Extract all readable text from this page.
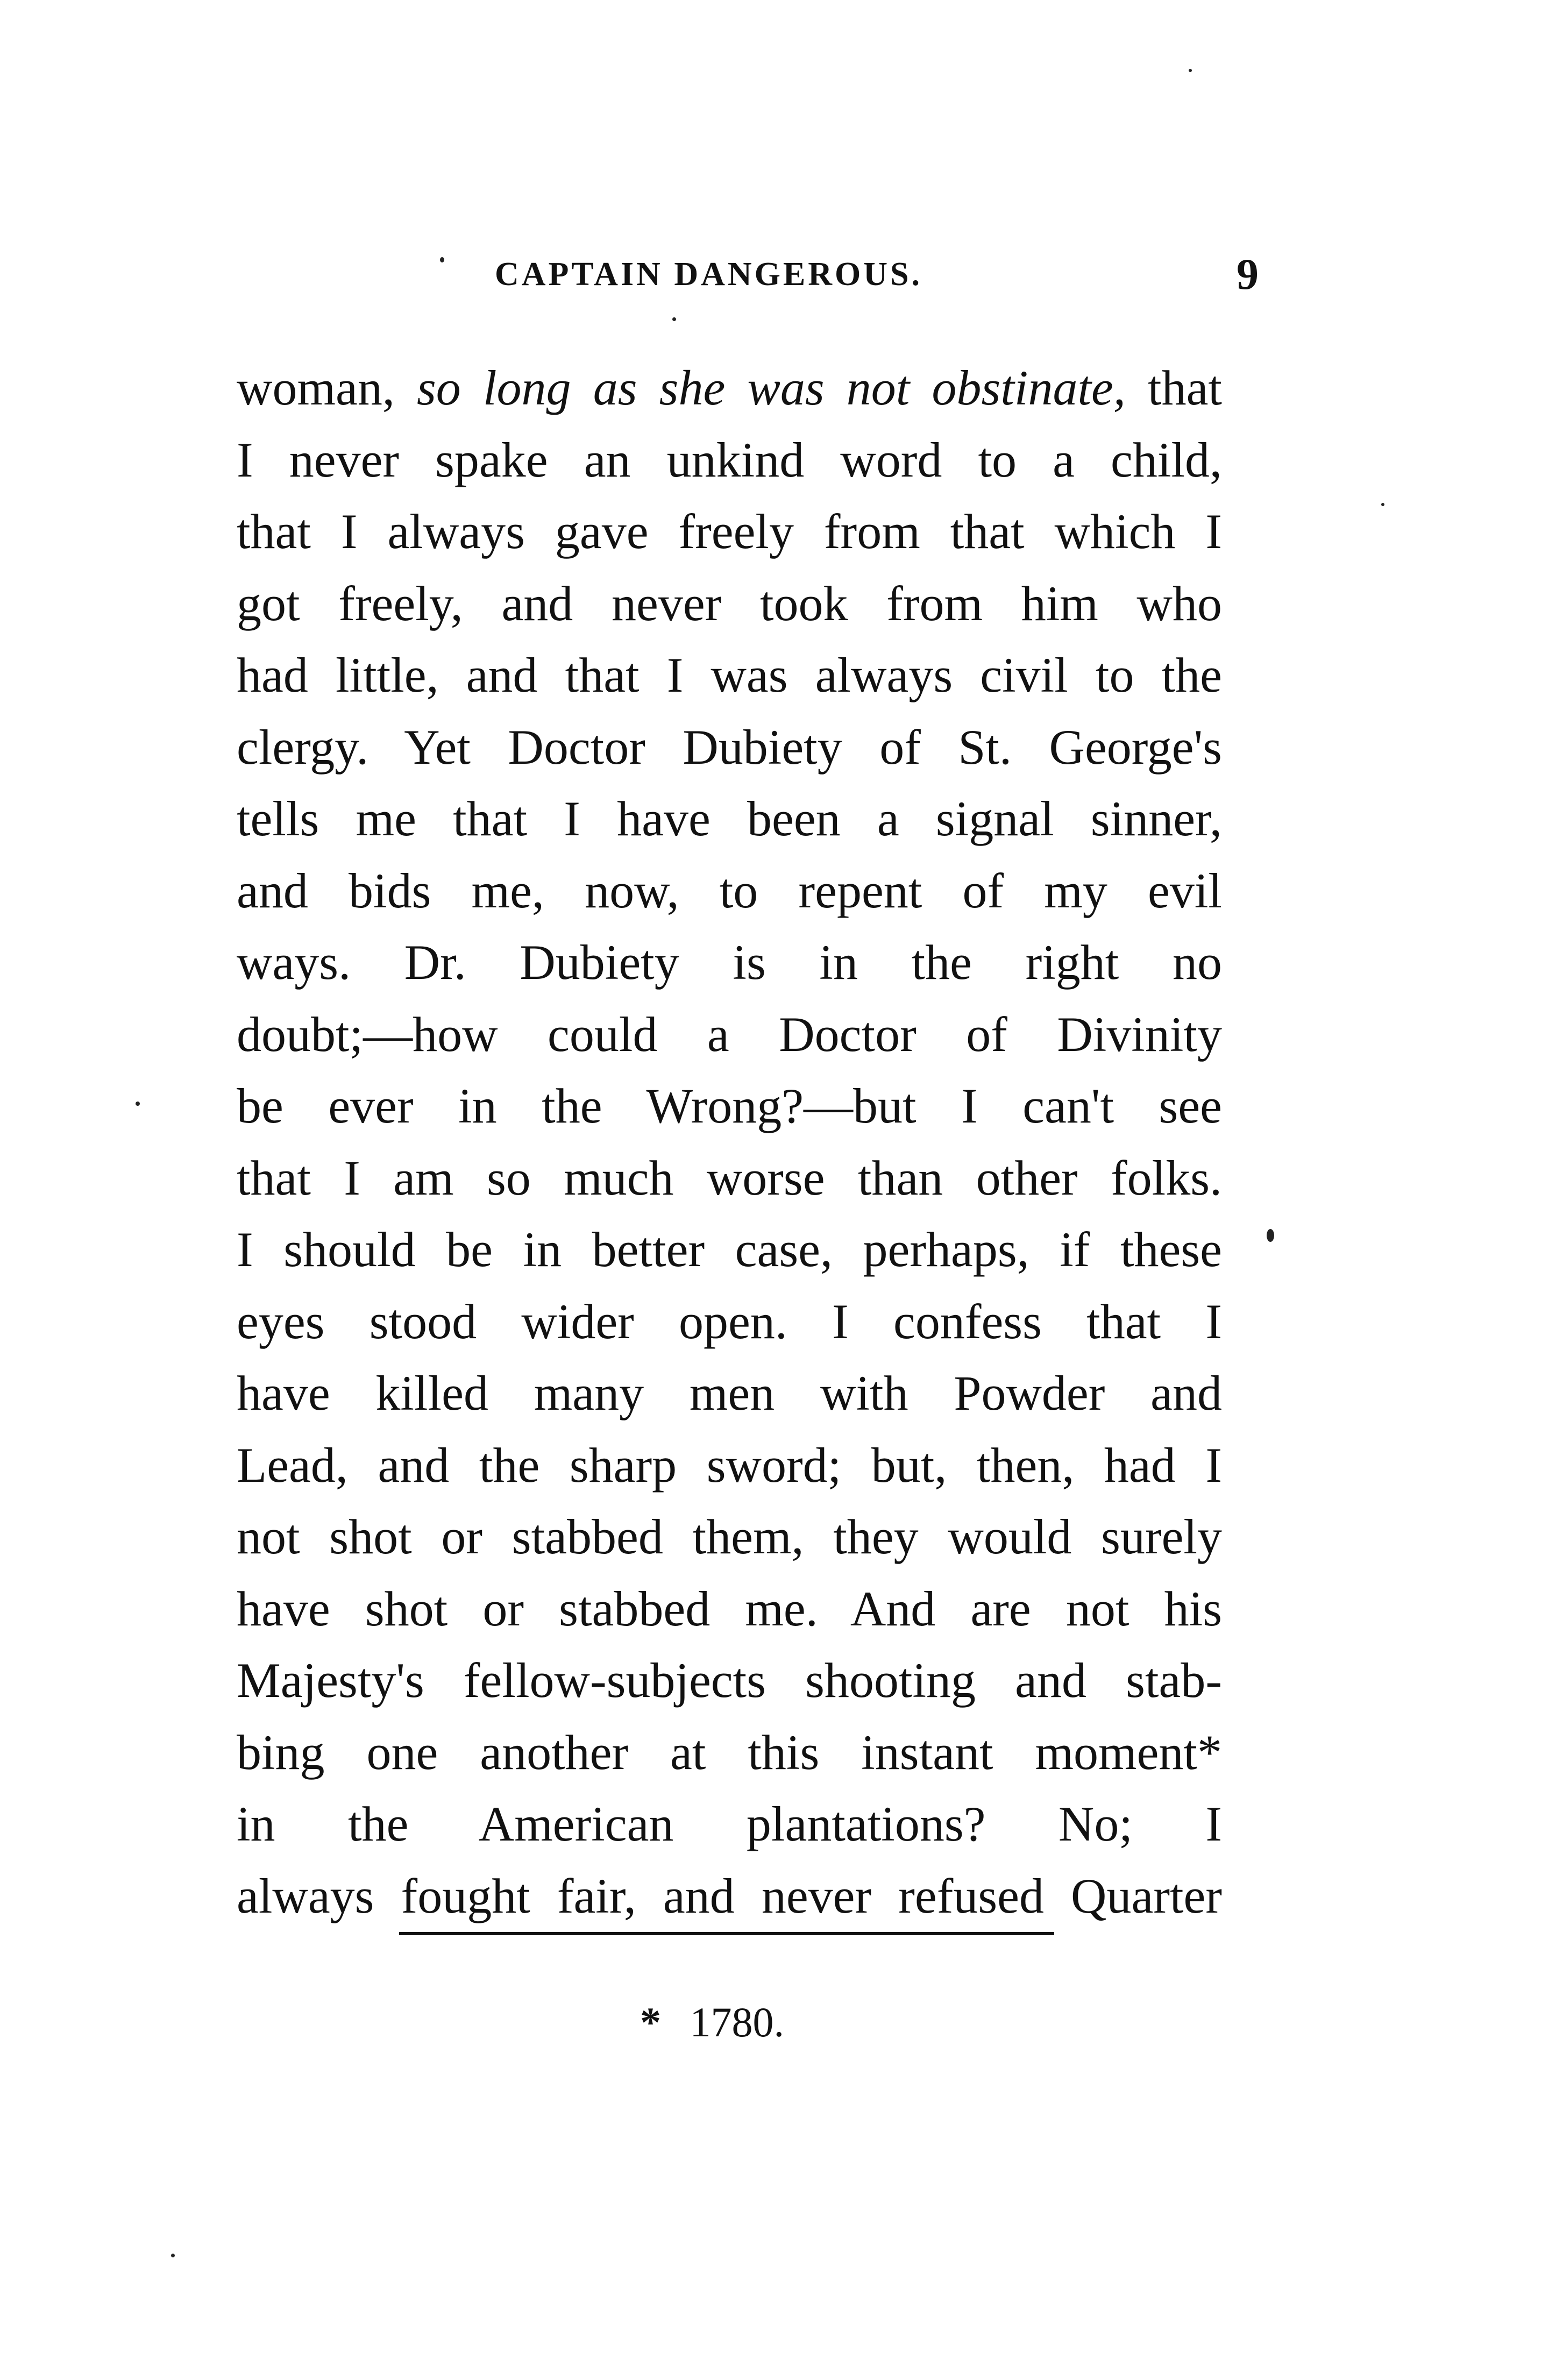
CAPTAIN DANGEROUS.	9
woman, so long as she was not obstinate, that
I never spake an unkind word to a child,
that I always gave freely from that which I
got freely, and never took from him who
had little, and that I was always civil to the
clergy. Yet Doctor Dubiety of St. George's
tells me that I have been a signal sinner,
and bids me, now, to repent of my evil
ways. Dr. Dubiety is in the right no
doubt;—how could a Doctor of Divinity
be ever in the Wrong?—but I can't see
that I am so much worse than other folks.
I should be in better case, perhaps, if these
eyes stood wider open. I confess that I
have killed many men with Powder and
Lead, and the sharp sword; but, then, had I
not shot or stabbed them, they would surely
have shot or stabbed me. And are not his
Majesty's fellow-subjects shooting and stab-
bing one another at this instant moment*
in the American plantations? No; I
always fought fair, and never refused Quarter
* 1780.
